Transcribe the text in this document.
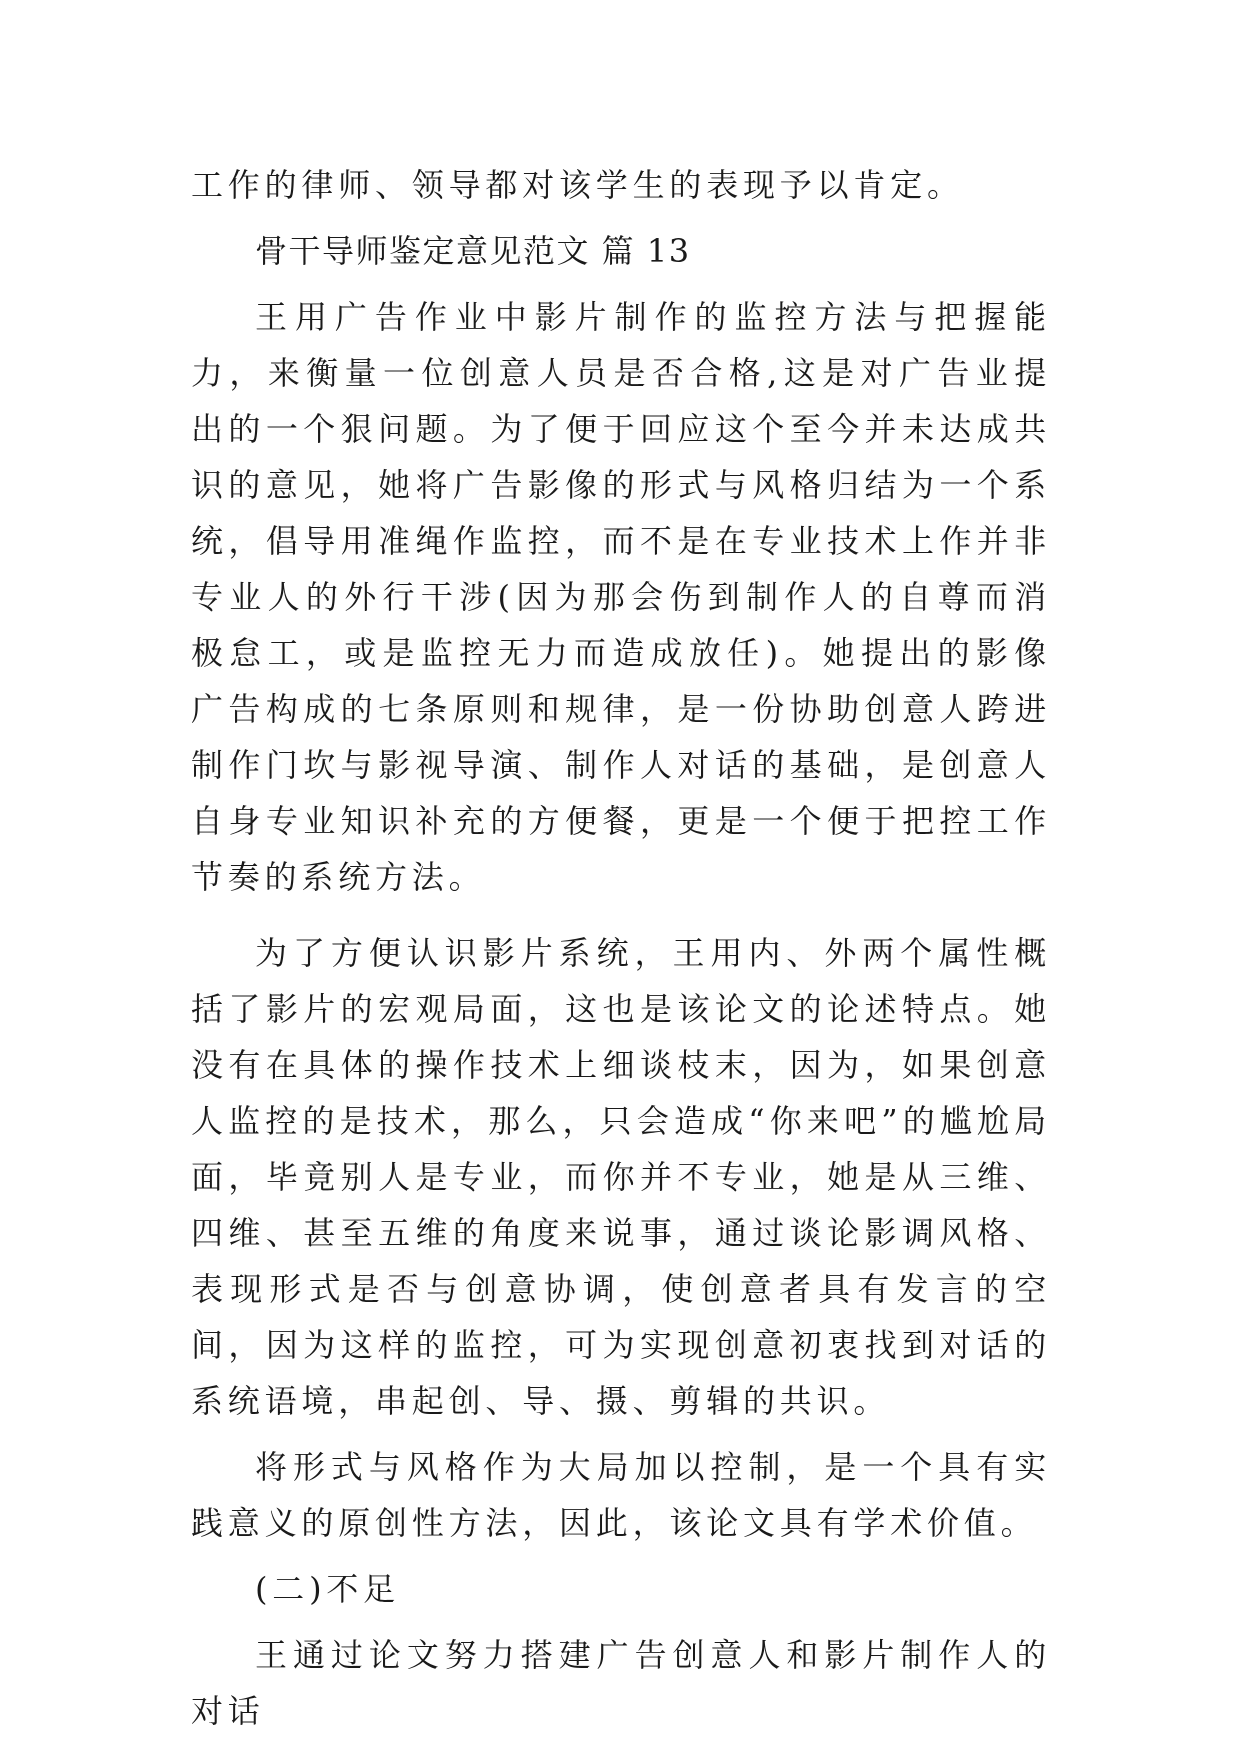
工作的律师、领导都对该学生的表现予以肯定。

骨干导师鉴定意见范文 篇 13

王用广告作业中影片制作的监控方法与把握能力，来衡量一位创意人员是否合格,这是对广告业提出的一个狠问题。为了便于回应这个至今并未达成共识的意见，她将广告影像的形式与风格归结为一个系统，倡导用准绳作监控，而不是在专业技术上作并非专业人的外行干涉(因为那会伤到制作人的自尊而消极怠工，或是监控无力而造成放任)。她提出的影像广告构成的七条原则和规律，是一份协助创意人跨进制作门坎与影视导演、制作人对话的基础，是创意人自身专业知识补充的方便餐，更是一个便于把控工作节奏的系统方法。

为了方便认识影片系统，王用内、外两个属性概括了影片的宏观局面，这也是该论文的论述特点。她没有在具体的操作技术上细谈枝末，因为，如果创意人监控的是技术，那么，只会造成“你来吧”的尴尬局面，毕竟别人是专业，而你并不专业，她是从三维、四维、甚至五维的角度来说事，通过谈论影调风格、表现形式是否与创意协调，使创意者具有发言的空间，因为这样的监控，可为实现创意初衷找到对话的系统语境，串起创、导、摄、剪辑的共识。

将形式与风格作为大局加以控制，是一个具有实践意义的原创性方法，因此，该论文具有学术价值。

(二)不足

王通过论文努力搭建广告创意人和影片制作人的对话
